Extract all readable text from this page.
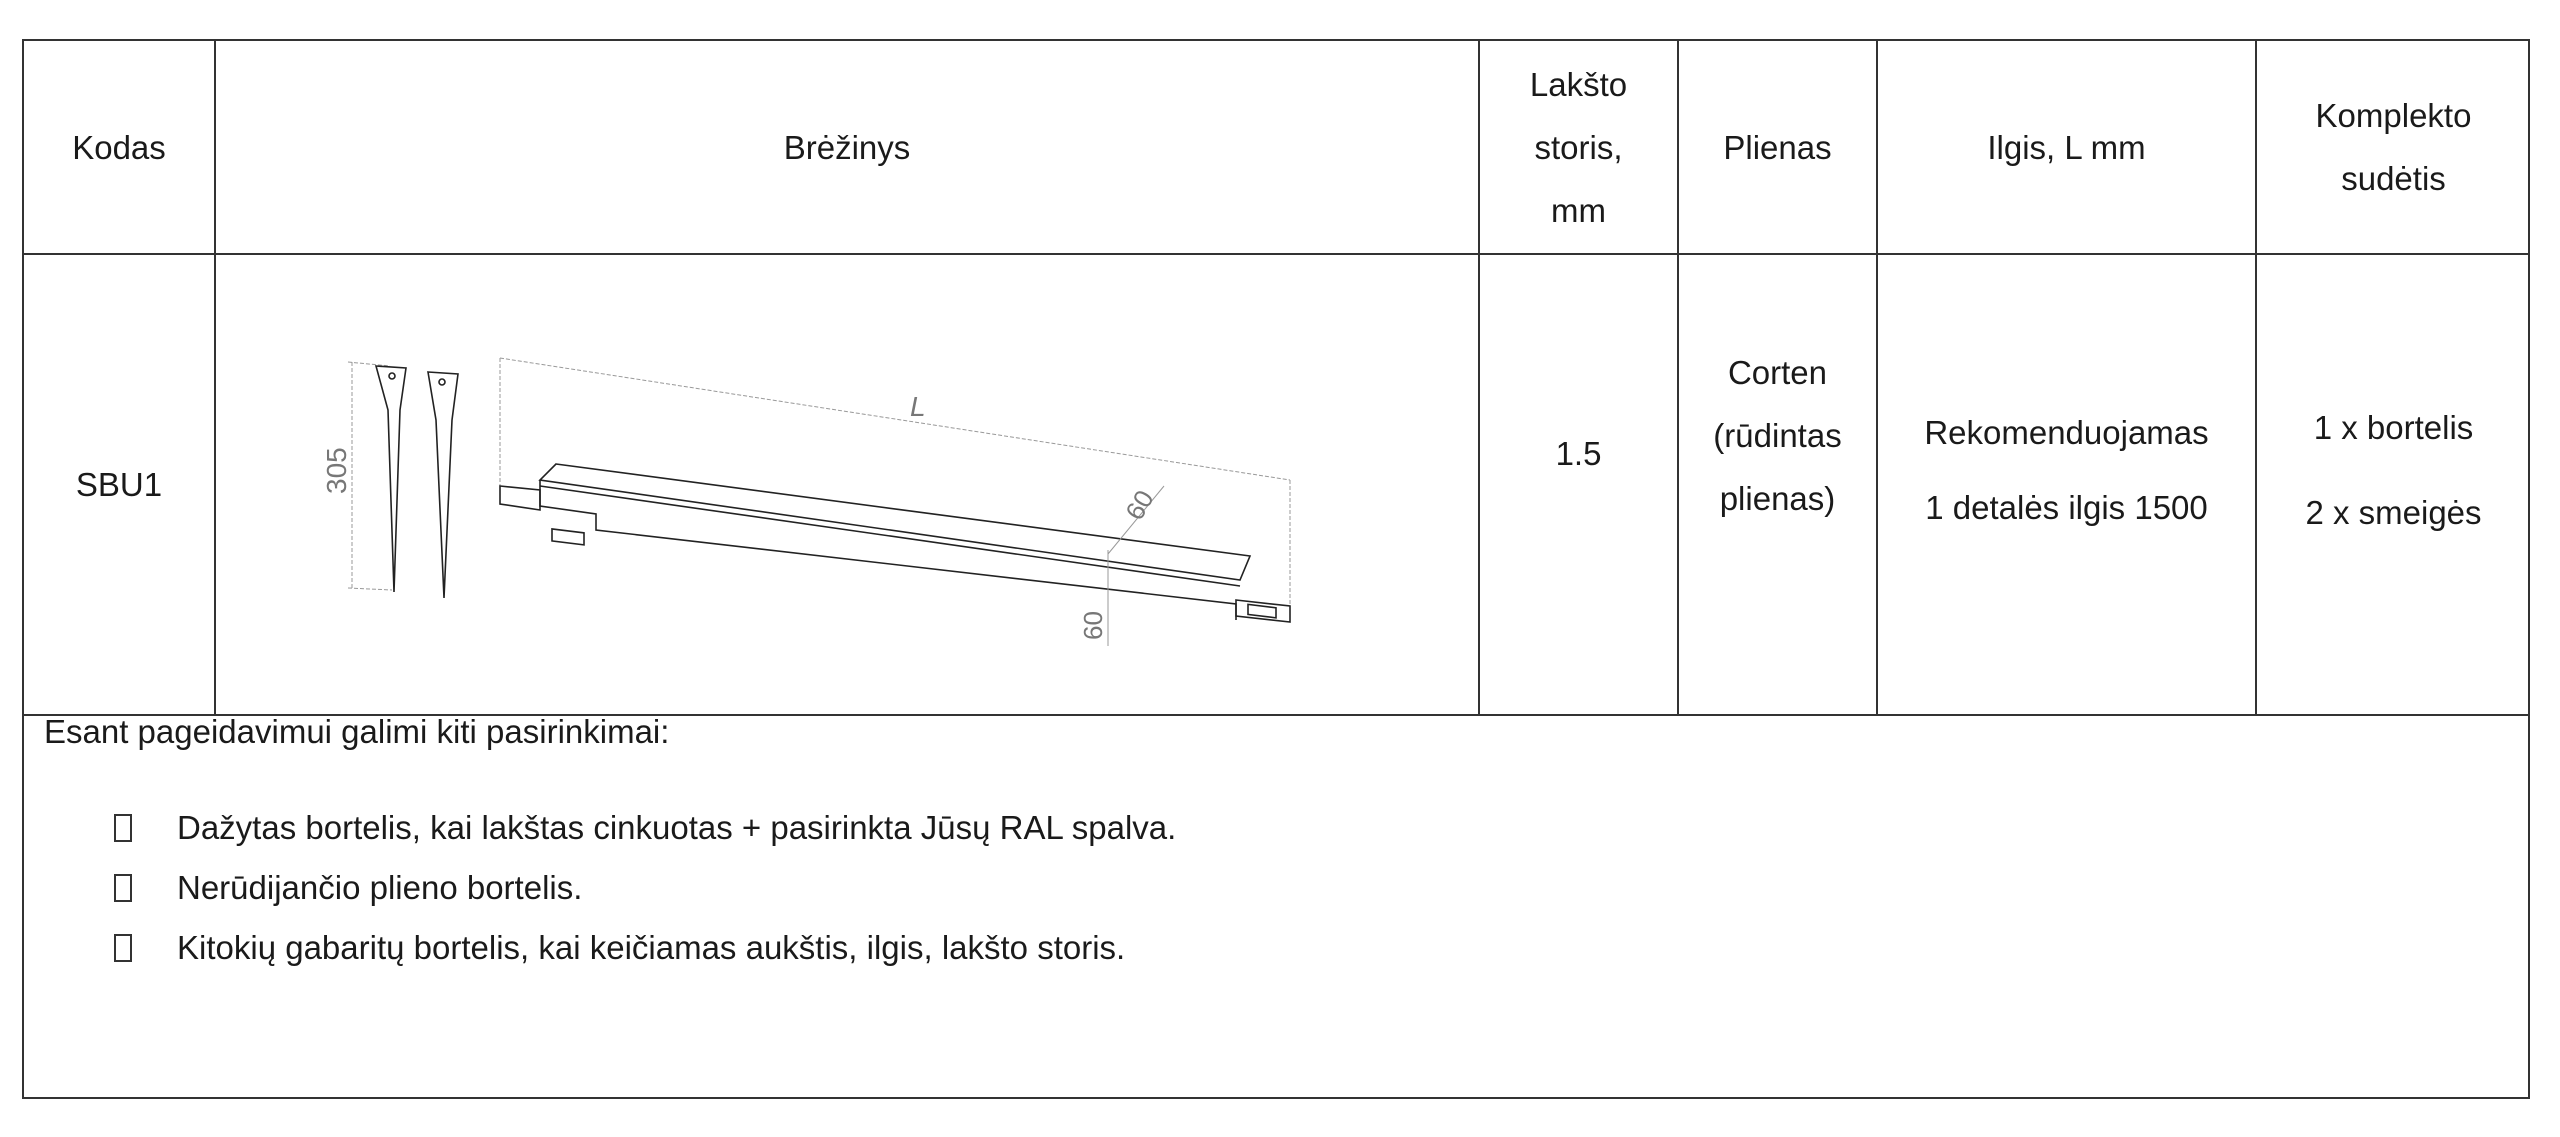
Kodas	Brėžinys
Lakšto
storis,
mm
Plienas	Ilgis, L mm
Komplekto
sudėtis
SBU1
1.5
Corten
(rūdintas
plienas)
Rekomenduojamas
1 detalės ilgis 1500
1 x bortelis
2 x smeigės
Esant pageidavimui galimi kiti pasirinkimai:
Dažytas bortelis, kai lakštas cinkuotas + pasirinkta Jūsų RAL spalva.
Nerūdijančio plieno bortelis.
Kitokių gabaritų bortelis, kai keičiamas aukštis, ilgis, lakšto storis.
305
L
60
60
